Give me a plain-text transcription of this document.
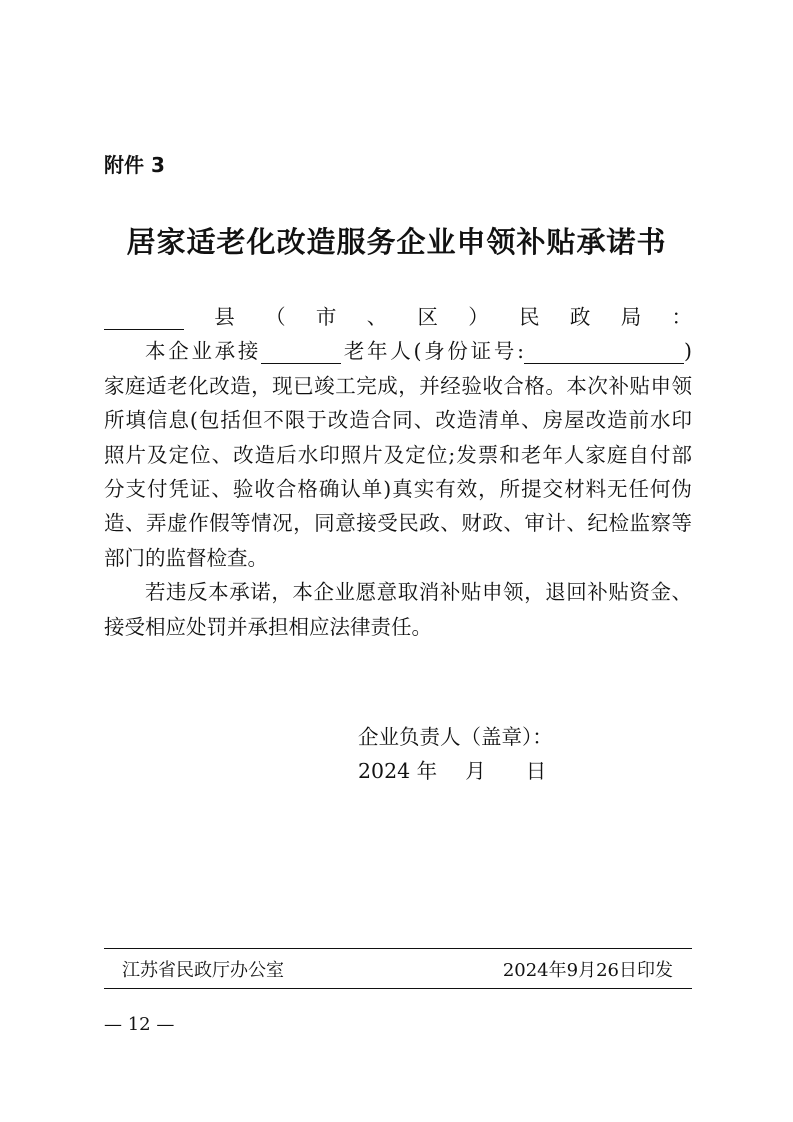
附件 3
居家适老化改造服务企业申领补贴承诺书

县（市、区）民政局：

本企业承接	老年人(身份证号:	)

家庭适老化改造，现已竣工完成，并经验收合格。本次补贴申领

所填信息(包括但不限于改造合同、改造清单、房屋改造前水印

照片及定位、改造后水印照片及定位;发票和老年人家庭自付部

分支付凭证、验收合格确认单)真实有效，所提交材料无任何伪

造、弄虚作假等情况，同意接受民政、财政、审计、纪检监察等

部门的监督检查。

若违反本承诺，本企业愿意取消补贴申领，退回补贴资金、

接受相应处罚并承担相应法律责任。

企业负责人（盖章）：
2024 年 月 日
江苏省民政厅办公室	2024年9月26日印发
— 12 —
